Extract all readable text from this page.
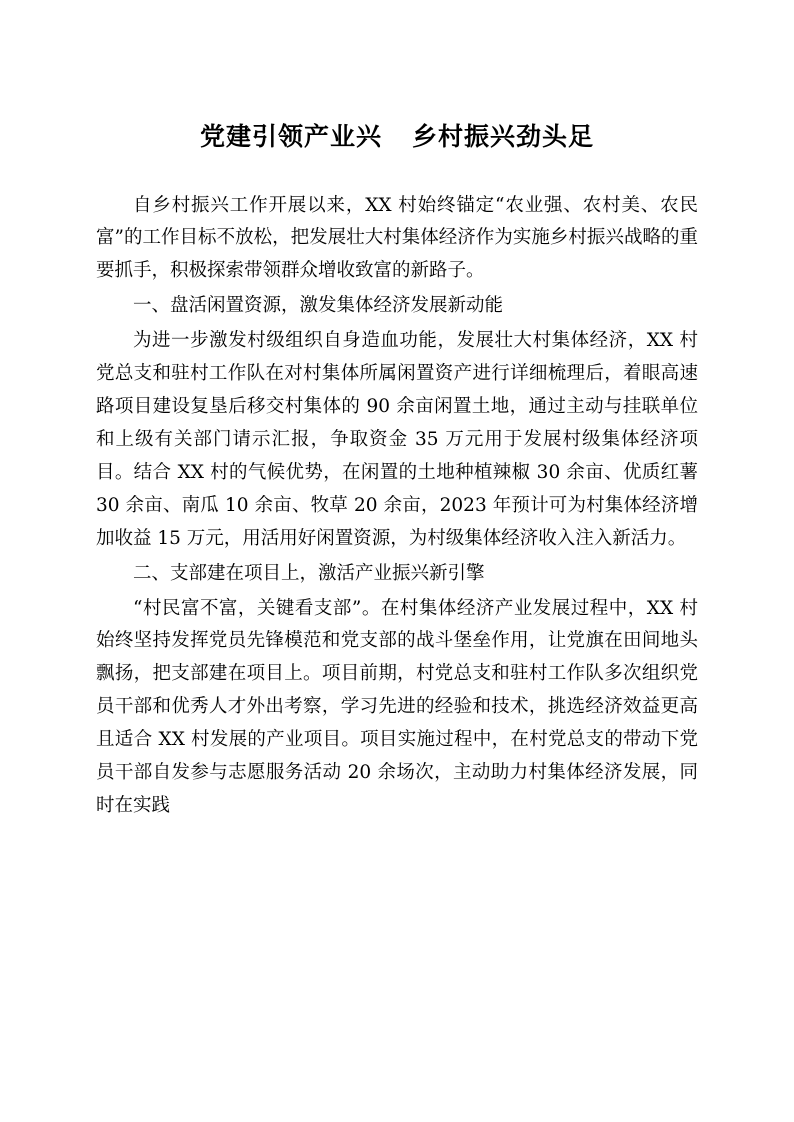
党建引领产业兴 乡村振兴劲头足

自乡村振兴工作开展以来，XX 村始终锚定“农业强、农村美、农民富”的工作目标不放松，把发展壮大村集体经济作为实施乡村振兴战略的重要抓手，积极探索带领群众增收致富的新路子。

一、盘活闲置资源，激发集体经济发展新动能

为进一步激发村级组织自身造血功能，发展壮大村集体经济，XX 村党总支和驻村工作队在对村集体所属闲置资产进行详细梳理后，着眼高速路项目建设复垦后移交村集体的 90 余亩闲置土地，通过主动与挂联单位和上级有关部门请示汇报，争取资金 35 万元用于发展村级集体经济项目。结合 XX 村的气候优势，在闲置的土地种植辣椒 30 余亩、优质红薯 30 余亩、南瓜 10 余亩、牧草 20 余亩，2023 年预计可为村集体经济增加收益 15 万元，用活用好闲置资源，为村级集体经济收入注入新活力。

二、支部建在项目上，激活产业振兴新引擎

“村民富不富，关键看支部”。在村集体经济产业发展过程中，XX 村始终坚持发挥党员先锋模范和党支部的战斗堡垒作用，让党旗在田间地头飘扬，把支部建在项目上。项目前期，村党总支和驻村工作队多次组织党员干部和优秀人才外出考察，学习先进的经验和技术，挑选经济效益更高且适合 XX 村发展的产业项目。项目实施过程中，在村党总支的带动下党员干部自发参与志愿服务活动 20 余场次，主动助力村集体经济发展，同时在实践
